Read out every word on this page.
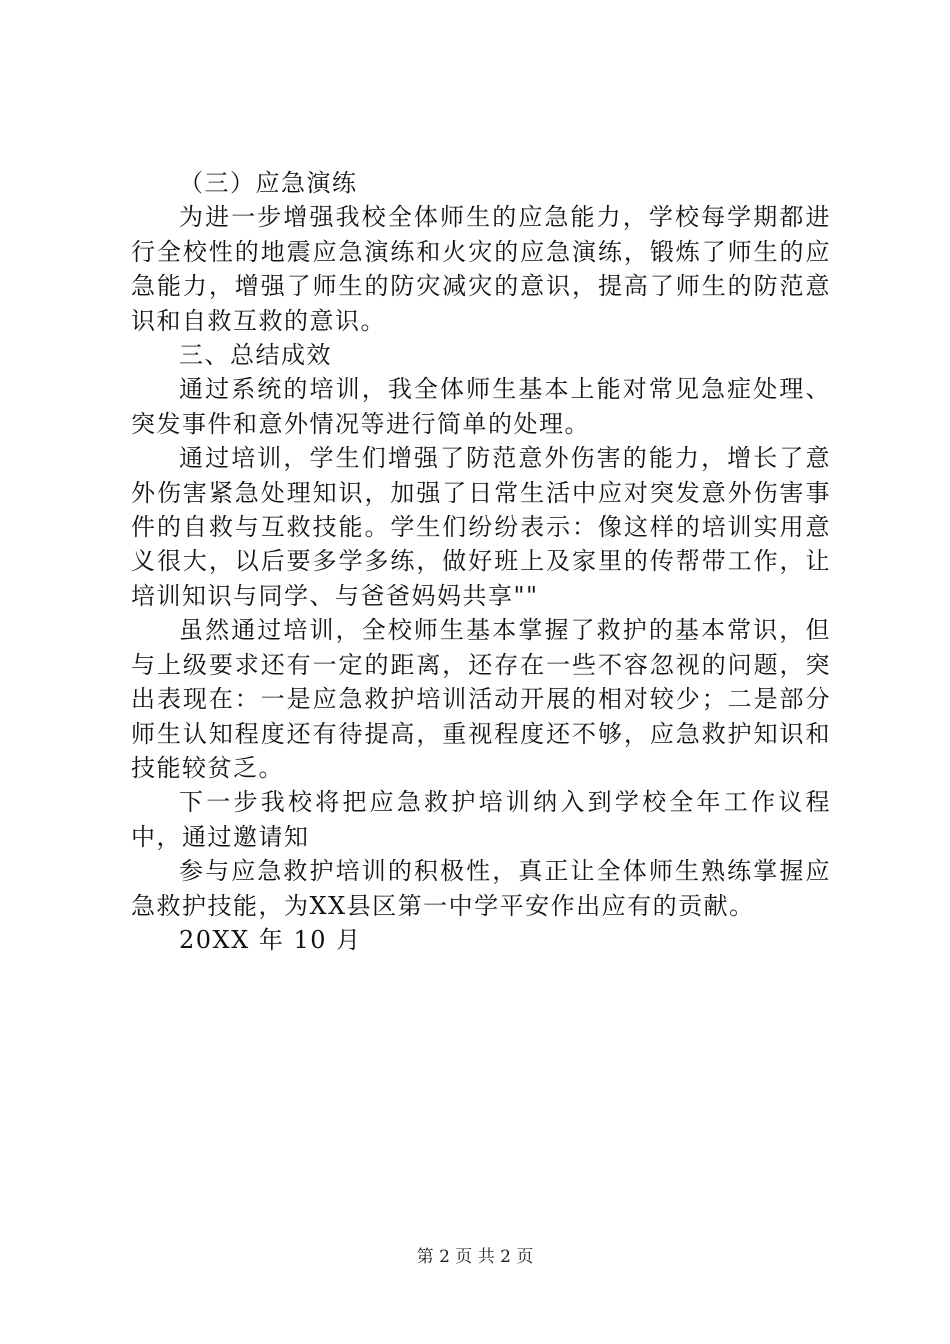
（三）应急演练

为进一步增强我校全体师生的应急能力，学校每学期都进行全校性的地震应急演练和火灾的应急演练，锻炼了师生的应急能力，增强了师生的防灾减灾的意识，提高了师生的防范意识和自救互救的意识。

三、总结成效

通过系统的培训，我全体师生基本上能对常见急症处理、突发事件和意外情况等进行简单的处理。

通过培训，学生们增强了防范意外伤害的能力，增长了意外伤害紧急处理知识，加强了日常生活中应对突发意外伤害事件的自救与互救技能。学生们纷纷表示：像这样的培训实用意义很大，以后要多学多练，做好班上及家里的传帮带工作，让培训知识与同学、与爸爸妈妈共享""

虽然通过培训，全校师生基本掌握了救护的基本常识，但与上级要求还有一定的距离，还存在一些不容忽视的问题，突出表现在：一是应急救护培训活动开展的相对较少；二是部分师生认知程度还有待提高，重视程度还不够，应急救护知识和技能较贫乏。

下一步我校将把应急救护培训纳入到学校全年工作议程中，通过邀请知

参与应急救护培训的积极性，真正让全体师生熟练掌握应急救护技能，为XX县区第一中学平安作出应有的贡献。

20XX 年 10 月

第 2 页 共 2 页
